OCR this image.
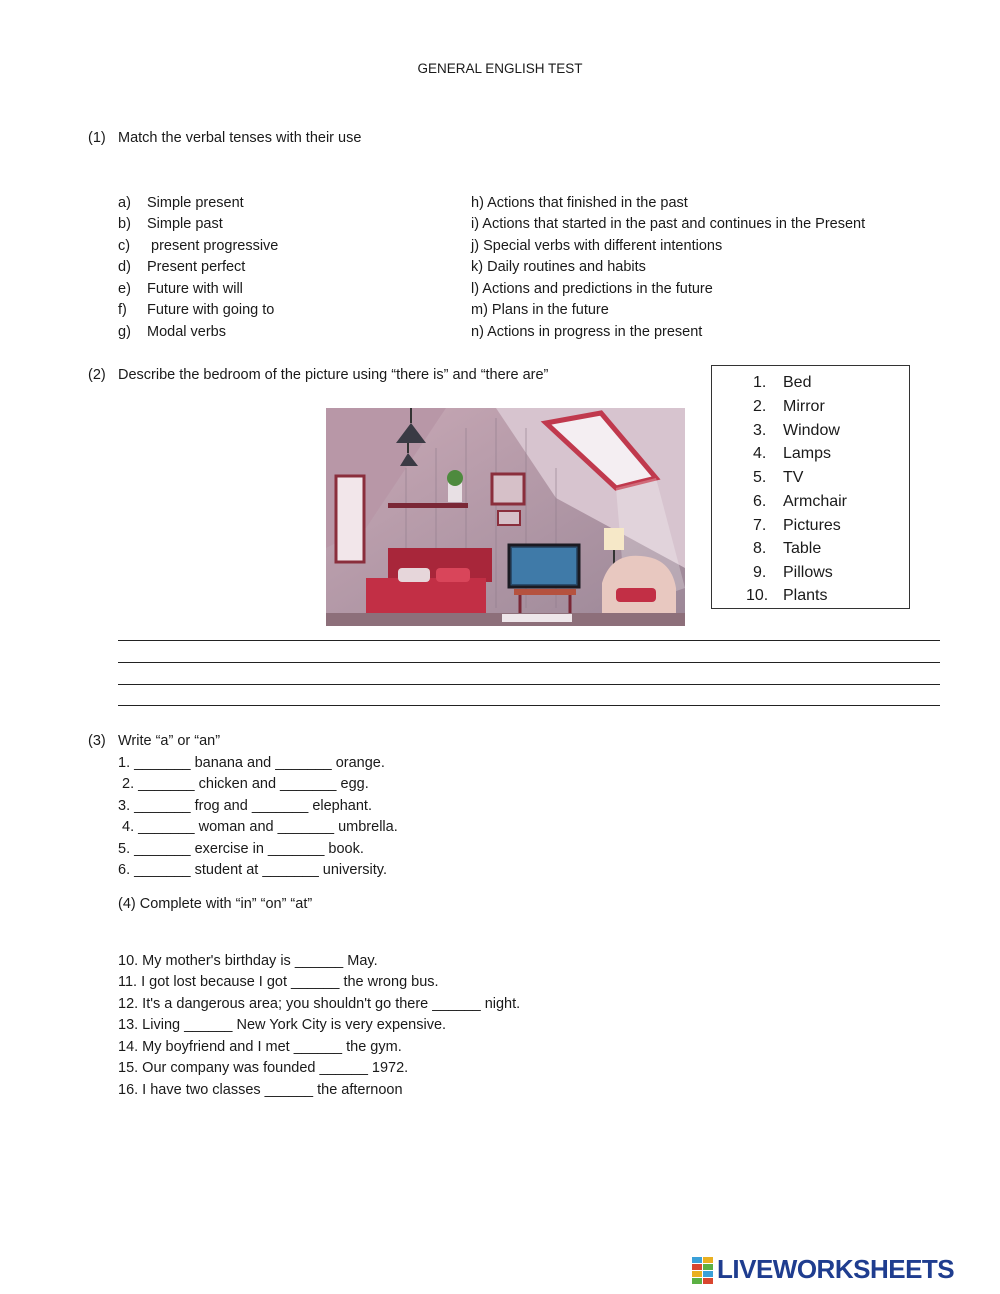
GENERAL ENGLISH TEST
(1) Match the verbal tenses with their use
a) Simple present
b) Simple past
c) present progressive
d) Present perfect
e) Future with will
f) Future with going to
g) Modal verbs
h) Actions that finished in the past
i) Actions that started in the past and continues in the Present
j) Special verbs with different intentions
k) Daily routines and habits
l) Actions and predictions in the future
m) Plans in the future
n) Actions in progress in the present
(2) Describe the bedroom of the picture using “there is” and “there are”	1. Bed
2. Mirror
3. Window
4. Lamps
5. TV
6. Armchair
7. Pictures
8. Table
9. Pillows
10. Plants
(3) Write “a” or “an”
1. _______ banana and _______ orange.
2. _______ chicken and _______ egg.
3. _______ frog and _______ elephant.
4. _______ woman and _______ umbrella.
5. _______ exercise in _______ book.
6. _______ student at _______ university.
(4) Complete with “in” “on” “at”
10. My mother's birthday is ______ May.
11. I got lost because I got ______ the wrong bus.
12. It's a dangerous area; you shouldn't go there ______ night.
13. Living ______ New York City is very expensive.
14. My boyfriend and I met ______ the gym.
15. Our company was founded ______ 1972.
16. I have two classes ______ the afternoon
LIVEWORKSHEETS
